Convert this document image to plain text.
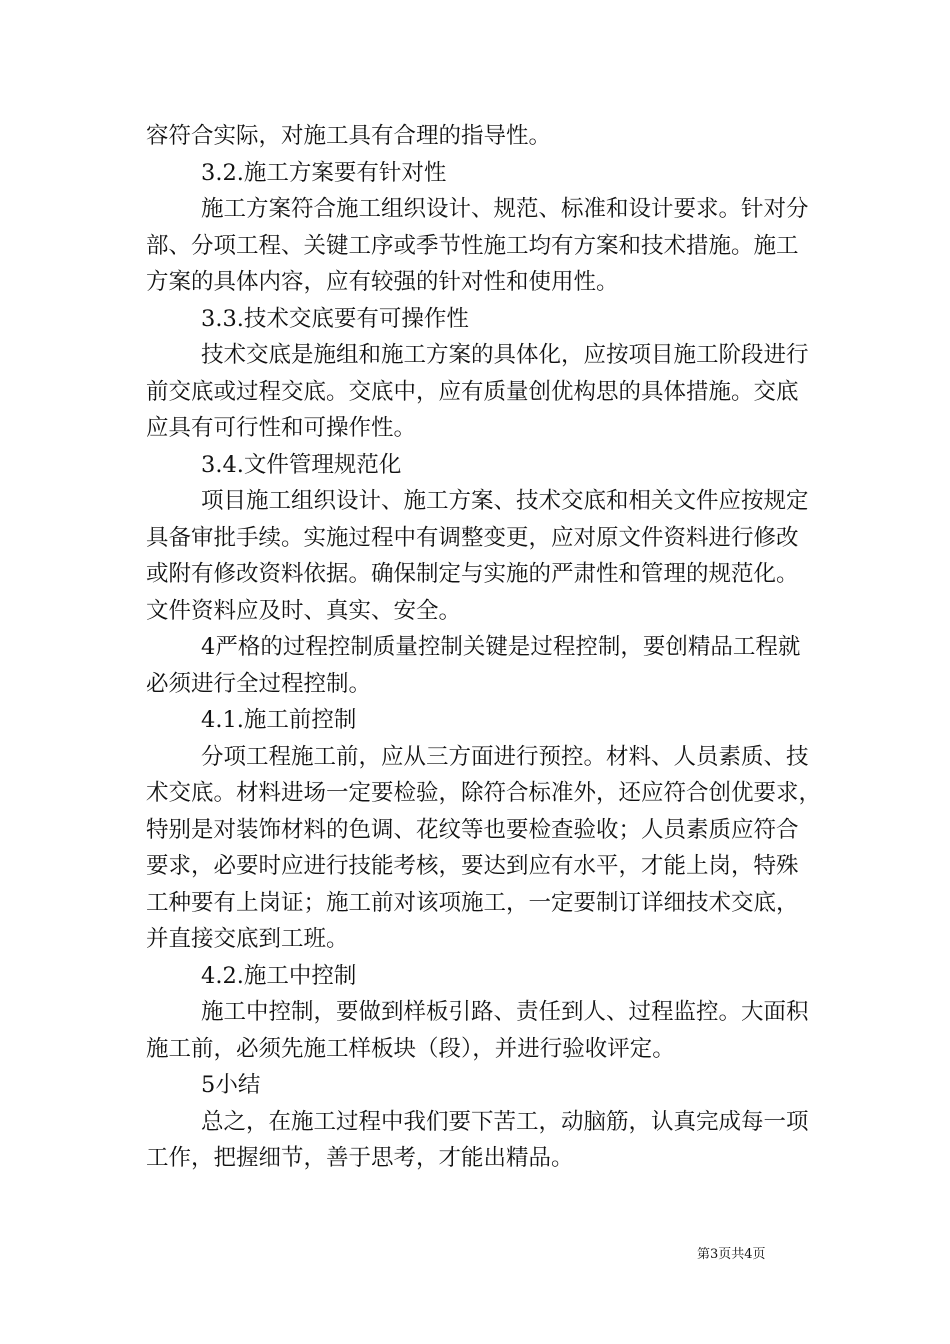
容符合实际，对施工具有合理的指导性。
3.2.施工方案要有针对性
施工方案符合施工组织设计、规范、标准和设计要求。针对分
部、分项工程、关键工序或季节性施工均有方案和技术措施。施工
方案的具体内容，应有较强的针对性和使用性。
3.3.技术交底要有可操作性
技术交底是施组和施工方案的具体化，应按项目施工阶段进行
前交底或过程交底。交底中，应有质量创优构思的具体措施。交底
应具有可行性和可操作性。
3.4.文件管理规范化
项目施工组织设计、施工方案、技术交底和相关文件应按规定
具备审批手续。实施过程中有调整变更，应对原文件资料进行修改
或附有修改资料依据。确保制定与实施的严肃性和管理的规范化。
文件资料应及时、真实、安全。
4严格的过程控制质量控制关键是过程控制，要创精品工程就
必须进行全过程控制。
4.1.施工前控制
分项工程施工前，应从三方面进行预控。材料、人员素质、技
术交底。材料进场一定要检验，除符合标准外，还应符合创优要求，
特别是对装饰材料的色调、花纹等也要检查验收；人员素质应符合
要求，必要时应进行技能考核，要达到应有水平，才能上岗，特殊
工种要有上岗证；施工前对该项施工，一定要制订详细技术交底，
并直接交底到工班。
4.2.施工中控制
施工中控制，要做到样板引路、责任到人、过程监控。大面积
施工前，必须先施工样板块（段），并进行验收评定。
5小结
总之，在施工过程中我们要下苦工，动脑筋，认真完成每一项
工作，把握细节，善于思考，才能出精品。
第3页共4页
